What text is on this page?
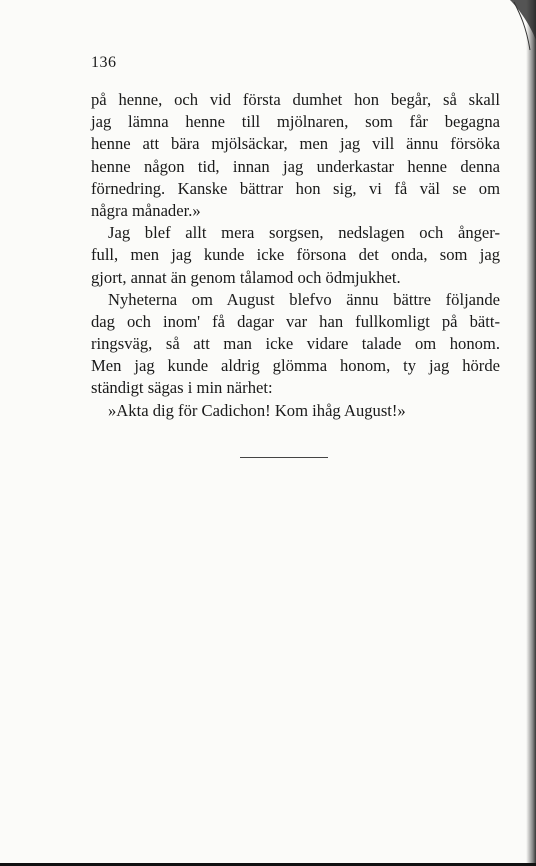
136
på henne, och vid första dumhet hon begår, så skall
jag lämna henne till mjölnaren, som får begagna
henne att bära mjölsäckar, men jag vill ännu försöka
henne någon tid, innan jag underkastar henne denna
förnedring. Kanske bättrar hon sig, vi få väl se om
några månader.»
Jag blef allt mera sorgsen, nedslagen och ånger-
full, men jag kunde icke försona det onda, som jag
gjort, annat än genom tålamod och ödmjukhet.
Nyheterna om August blefvo ännu bättre följande
dag och inom' få dagar var han fullkomligt på bätt-
ringsväg, så att man icke vidare talade om honom.
Men jag kunde aldrig glömma honom, ty jag hörde
ständigt sägas i min närhet:
»Akta dig för Cadichon! Kom ihåg August!»
